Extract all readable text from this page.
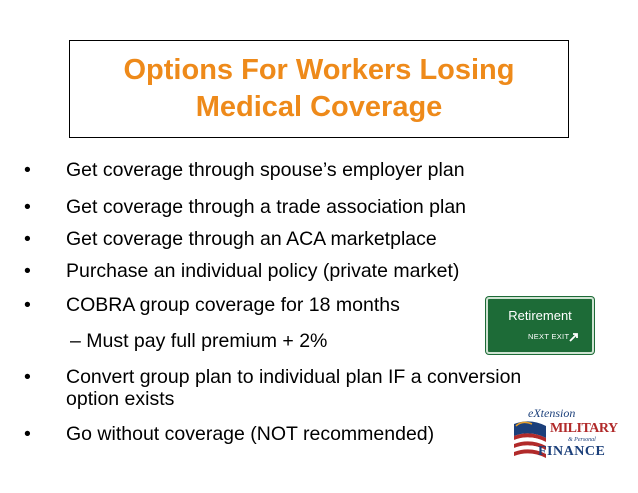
Options For Workers Losing
Medical Coverage
• Get coverage through spouse’s employer plan
• Get coverage through a trade association plan
• Get coverage through an ACA marketplace
• Purchase an individual policy (private market)
• COBRA group coverage for 18 months
– Must pay full premium + 2%
• Convert group plan to individual plan IF a conversion
option exists
• Go without coverage (NOT recommended)
Retirement
NEXT EXIT
eXtension
MILITARY
& Personal
FINANCE
